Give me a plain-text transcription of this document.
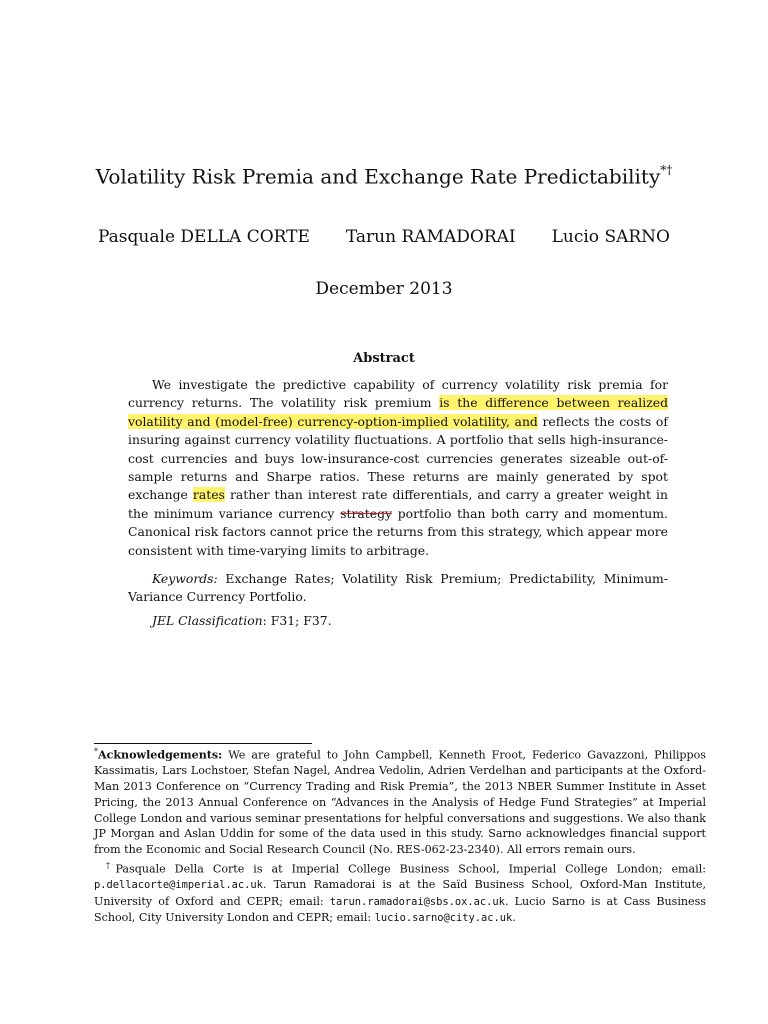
Volatility Risk Premia and Exchange Rate Predictability*†
Pasquale DELLA CORTE Tarun RAMADORAI Lucio SARNO
December 2013
Abstract

We investigate the predictive capability of currency volatility risk premia for currency returns. The volatility risk premium is the difference between realized volatility and (model-free) currency-option-implied volatility, and reflects the costs of insuring against currency volatility fluctuations. A portfolio that sells high-insurance-cost currencies and buys low-insurance-cost currencies generates sizeable out-of-sample returns and Sharpe ratios. These returns are mainly generated by spot exchange rates rather than interest rate differentials, and carry a greater weight in the minimum variance currency strategy portfolio than both carry and momentum. Canonical risk factors cannot price the returns from this strategy, which appear more consistent with time-varying limits to arbitrage.

Keywords: Exchange Rates; Volatility Risk Premium; Predictability, Minimum-Variance Currency Portfolio.

JEL Classification: F31; F37.

*Acknowledgements: We are grateful to John Campbell, Kenneth Froot, Federico Gavazzoni, Philippos Kassimatis, Lars Lochstoer, Stefan Nagel, Andrea Vedolin, Adrien Verdelhan and participants at the Oxford-Man 2013 Conference on “Currency Trading and Risk Premia”, the 2013 NBER Summer Institute in Asset Pricing, the 2013 Annual Conference on “Advances in the Analysis of Hedge Fund Strategies” at Imperial College London and various seminar presentations for helpful conversations and suggestions. We also thank JP Morgan and Aslan Uddin for some of the data used in this study. Sarno acknowledges financial support from the Economic and Social Research Council (No. RES-062-23-2340). All errors remain ours.

†Pasquale Della Corte is at Imperial College Business School, Imperial College London; email: p.dellacorte@imperial.ac.uk. Tarun Ramadorai is at the Saïd Business School, Oxford-Man Institute, University of Oxford and CEPR; email: tarun.ramadorai@sbs.ox.ac.uk. Lucio Sarno is at Cass Business School, City University London and CEPR; email: lucio.sarno@city.ac.uk.
